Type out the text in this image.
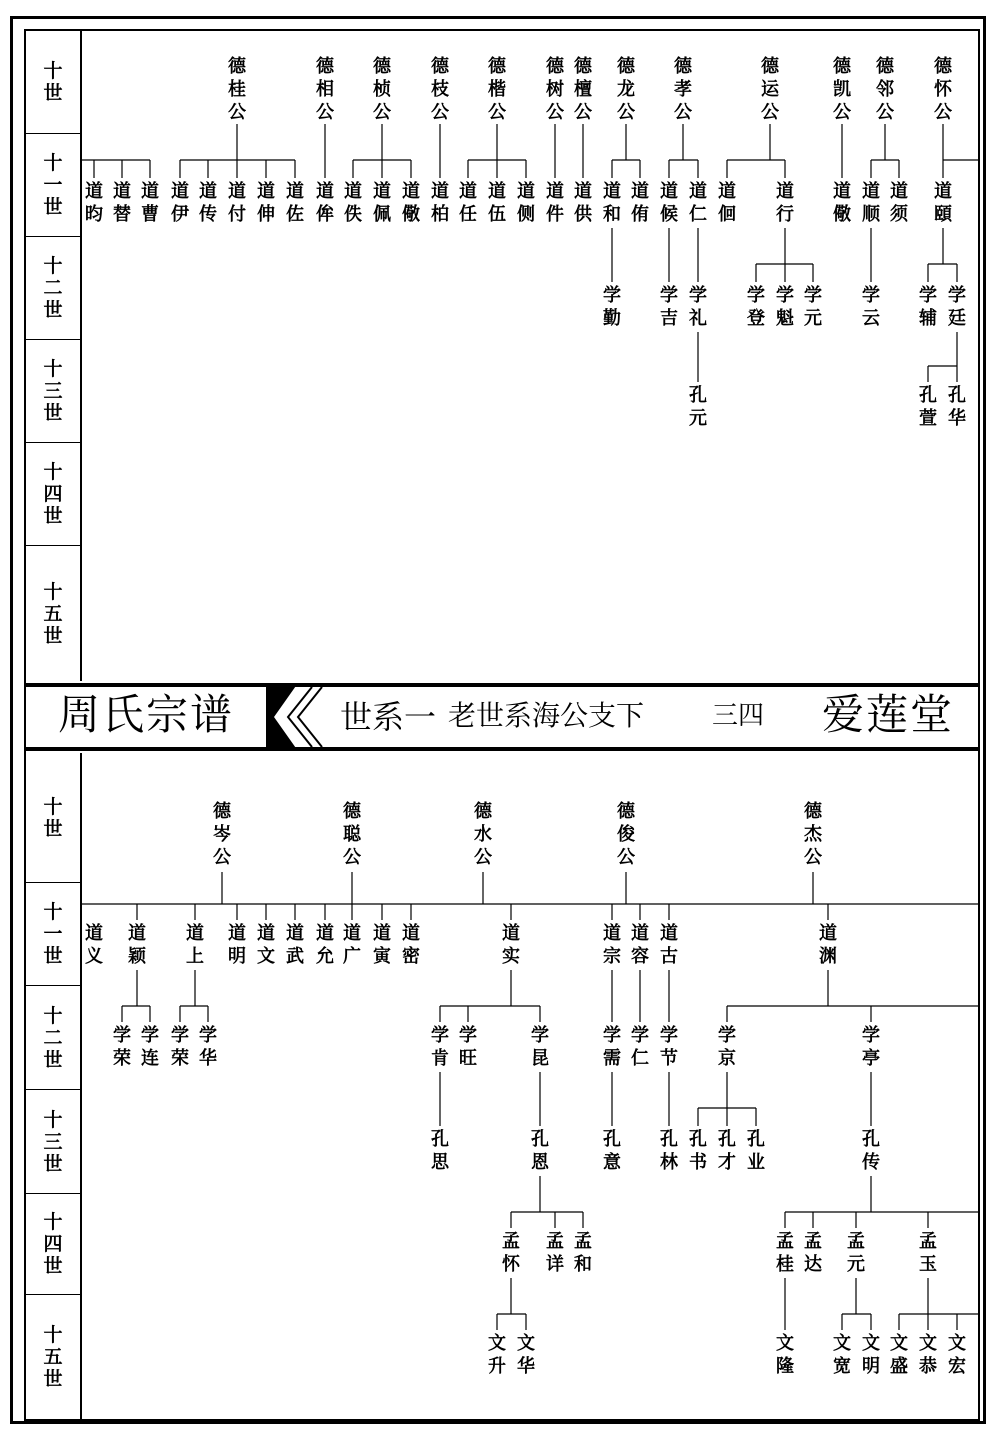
十世
十一世
十二世
十三世
十四世
十五世
周氏宗谱	世系一 老世系海公支下	三四 爱莲堂
十世
十一世
十二世
十三世
十四世
十五世
德桂公
德相公
德桢公
德枝公
德楷公
德树公
德檀公
德龙公
德孝公
德运公
德凯公
德邻公
德怀公
道昀
道替
道曹
道伊
道传
道付
道伸
道佐
道侔
道佚
道佩
道儆
道柏
道任
道伍
道侧
道件
道供
道和
道侑
道候
道仁
道佪
道行
道儆
道顺
道须
道頤
学勤
学吉
学礼
学登
学魁
学元
学云
学辅
学廷
孔元
孔萱
孔华
德岑公
德聪公
德水公
德俊公
德杰公
道义
道颖
道上
道明
道文
道武
道允
道广
道寅
道密
道实
道宗
道容
道古
道渊
学荣
学连
学荣
学华
学肯
学旺
学昆
学需
学仁
学节
学京
学亭
孔思
孔恩
孔意
孔林
孔书
孔才
孔业
孔传
孟怀
孟详
孟和
孟桂
孟达
孟元
孟玉
文升
文华
文隆
文宽
文明
文盛
文恭
文宏
